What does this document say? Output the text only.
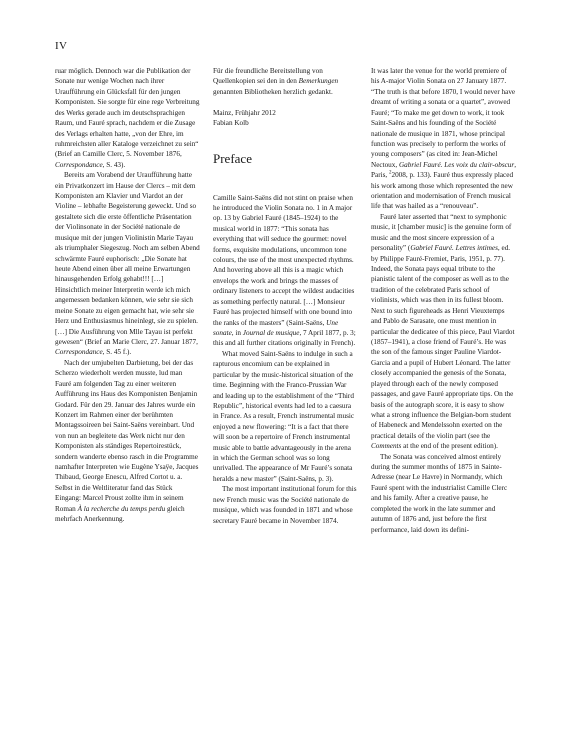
IV

ruar möglich. Dennoch war die Publikation der Sonate nur wenige Wochen nach ihrer Uraufführung ein Glücksfall für den jungen Komponisten. Sie sorgte für eine rege Verbreitung des Werks gerade auch im deutschsprachigen Raum, und Fauré sprach, nachdem er die Zusage des Verlags erhalten hatte, „von der Ehre, im ruhmreichsten aller Kataloge verzeichnet zu sein“ (Brief an Camille Clerc, 5. November 1876, Correspondance, S. 43).

Bereits am Vorabend der Uraufführung hatte ein Privatkonzert im Hause der Clercs – mit dem Komponisten am Klavier und Viardot an der Violine – lebhafte Begeisterung geweckt. Und so gestaltete sich die erste öffentliche Präsentation der Violinsonate in der Société nationale de musique mit der jungen Violinistin Marie Tayau als triumphaler Siegeszug. Noch am selben Abend schwärmte Fauré euphorisch: „Die Sonate hat heute Abend einen über all meine Erwartungen hinausgehenden Erfolg gehabt!!! […] Hinsichtlich meiner Interpretin werde ich mich angemessen bedanken können, wie sehr sie sich meine Sonate zu eigen gemacht hat, wie sehr sie Herz und Enthusiasmus hineinlegt, sie zu spielen. […] Die Ausführung von Mlle Tayau ist perfekt gewesen“ (Brief an Marie Clerc, 27. Januar 1877, Correspondance, S. 45 f.).

Nach der umjubelten Darbietung, bei der das Scherzo wiederholt werden musste, lud man Fauré am folgenden Tag zu einer weiteren Aufführung ins Haus des Komponisten Benjamin Godard. Für den 29. Januar des Jahres wurde ein Konzert im Rahmen einer der berühmten Montagssoireen bei Saint-Saëns vereinbart. Und von nun an begleitete das Werk nicht nur den Komponisten als ständiges Repertoirestück, sondern wanderte ebenso rasch in die Programme namhafter Interpreten wie Eugène Ysaÿe, Jacques Thibaud, George Enescu, Alfred Cortot u. a. Selbst in die Weltliteratur fand das Stück Eingang: Marcel Proust zollte ihm in seinem Roman À la recherche du temps perdu gleich mehrfach Anerkennung.

Für die freundliche Bereitstellung von Quellenkopien sei den in den Bemerkungen genannten Bibliotheken herzlich gedankt.

Mainz, Frühjahr 2012

Fabian Kolb

Preface

Camille Saint-Saëns did not stint on praise when he introduced the Violin Sonata no. 1 in A major op. 13 by Gabriel Fauré (1845–1924) to the musical world in 1877: “This sonata has everything that will seduce the gourmet: novel forms, exquisite modulations, uncommon tone colours, the use of the most unexpected rhythms. And hovering above all this is a magic which envelops the work and brings the masses of ordinary listeners to accept the wildest audacities as something perfectly natural. […] Monsieur Fauré has projected himself with one bound into the ranks of the masters” (Saint-Saëns, Une sonate, in Journal de musique, 7 April 1877, p. 3; this and all further citations originally in French).

What moved Saint-Saëns to indulge in such a rapturous encomium can be explained in particular by the music-historical situation of the time. Beginning with the Franco-Prussian War and leading up to the establishment of the “Third Republic”, historical events had led to a caesura in France. As a result, French instrumental music enjoyed a new flowering: “It is a fact that there will soon be a repertoire of French instrumental music able to battle advantageously in the arena in which the German school was so long unrivalled. The appearance of Mr Fauré’s sonata heralds a new master” (Saint-Saëns, p. 3).

The most important institutional forum for this new French music was the Société nationale de musique, which was founded in 1871 and whose secretary Fauré became in November 1874.

It was later the venue for the world premiere of his A-major Violin Sonata on 27 January 1877. “The truth is that before 1870, I would never have dreamt of writing a sonata or a quartet”, avowed Fauré; “To make me get down to work, it took Saint-Saëns and his founding of the Société nationale de musique in 1871, whose principal function was precisely to perform the works of young composers” (as cited in: Jean-Michel Nectoux, Gabriel Fauré. Les voix du clair-obscur, Paris, $^2$2008, p. 133). Fauré thus expressly placed his work among those which represented the new orientation and modernisation of French musical life that was hailed as a “renouveau”.

Fauré later asserted that “next to symphonic music, it [chamber music] is the genuine form of music and the most sincere expression of a personality” (Gabriel Fauré. Lettres intimes, ed. by Philippe Fauré-Fremiet, Paris, 1951, p. 77). Indeed, the Sonata pays equal tribute to the pianistic talent of the composer as well as to the tradition of the celebrated Paris school of violinists, which was then in its fullest bloom. Next to such figureheads as Henri Vieuxtemps and Pablo de Sarasate, one must mention in particular the dedicatee of this piece, Paul Viardot (1857–1941), a close friend of Fauré’s. He was the son of the famous singer Pauline Viardot-Garcia and a pupil of Hubert Léonard. The latter closely accompanied the genesis of the Sonata, played through each of the newly composed passages, and gave Fauré appropriate tips. On the basis of the autograph score, it is easy to show what a strong influence the Belgian-born student of Habeneck and Mendelssohn exerted on the practical details of the violin part (see the Comments at the end of the present edition).

The Sonata was conceived almost entirely during the summer months of 1875 in Sainte-Adresse (near Le Havre) in Normandy, which Fauré spent with the industrialist Camille Clerc and his family. After a creative pause, he completed the work in the late summer and autumn of 1876 and, just before the first performance, laid down its defini-
